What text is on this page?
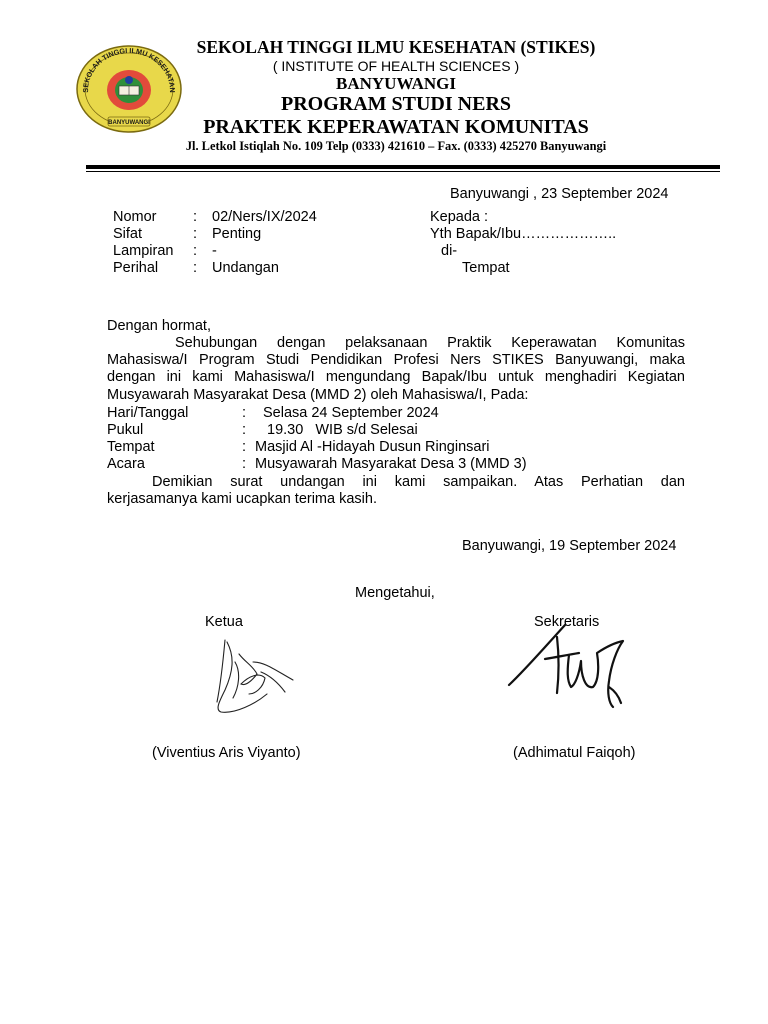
SEKOLAH TINGGI ILMU KESEHATAN
BANYUWANGI
SEKOLAH TINGGI ILMU KESEHATAN (STIKES)
( INSTITUTE OF HEALTH SCIENCES )
BANYUWANGI
PROGRAM STUDI NERS
PRAKTEK KEPERAWATAN KOMUNITAS
Jl. Letkol Istiqlah No. 109 Telp (0333) 421610 – Fax. (0333) 425270 Banyuwangi
Banyuwangi , 23 September 2024
Nomor	: 02/Ners/IX/2024
Sifat	: Penting
Lampiran : -
Perihal : Undangan
Kepada :
Yth Bapak/Ibu………………..
di-
Tempat
Dengan hormat,

Sehubungan dengan pelaksanaan Praktik Keperawatan Komunitas

Mahasiswa/I Program Studi Pendidikan Profesi Ners STIKES Banyuwangi, maka

dengan ini kami Mahasiswa/I mengundang Bapak/Ibu untuk menghadiri Kegiatan

Musyawarah Masyarakat Desa (MMD 2) oleh Mahasiswa/I, Pada:

Hari/Tanggal	: Selasa 24 September 2024
Pukul	: 19.30   WIB s/d Selesai
Tempat	: Masjid Al -Hidayah Dusun Ringinsari
Acara	: Musyawarah Masyarakat Desa 3 (MMD 3)

Demikian surat undangan ini kami sampaikan. Atas Perhatian dan

kerjasamanya kami ucapkan terima kasih.

Banyuwangi, 19 September 2024
Mengetahui,
Ketua	Sekretaris
(Viventius Aris Viyanto)	(Adhimatul Faiqoh)
